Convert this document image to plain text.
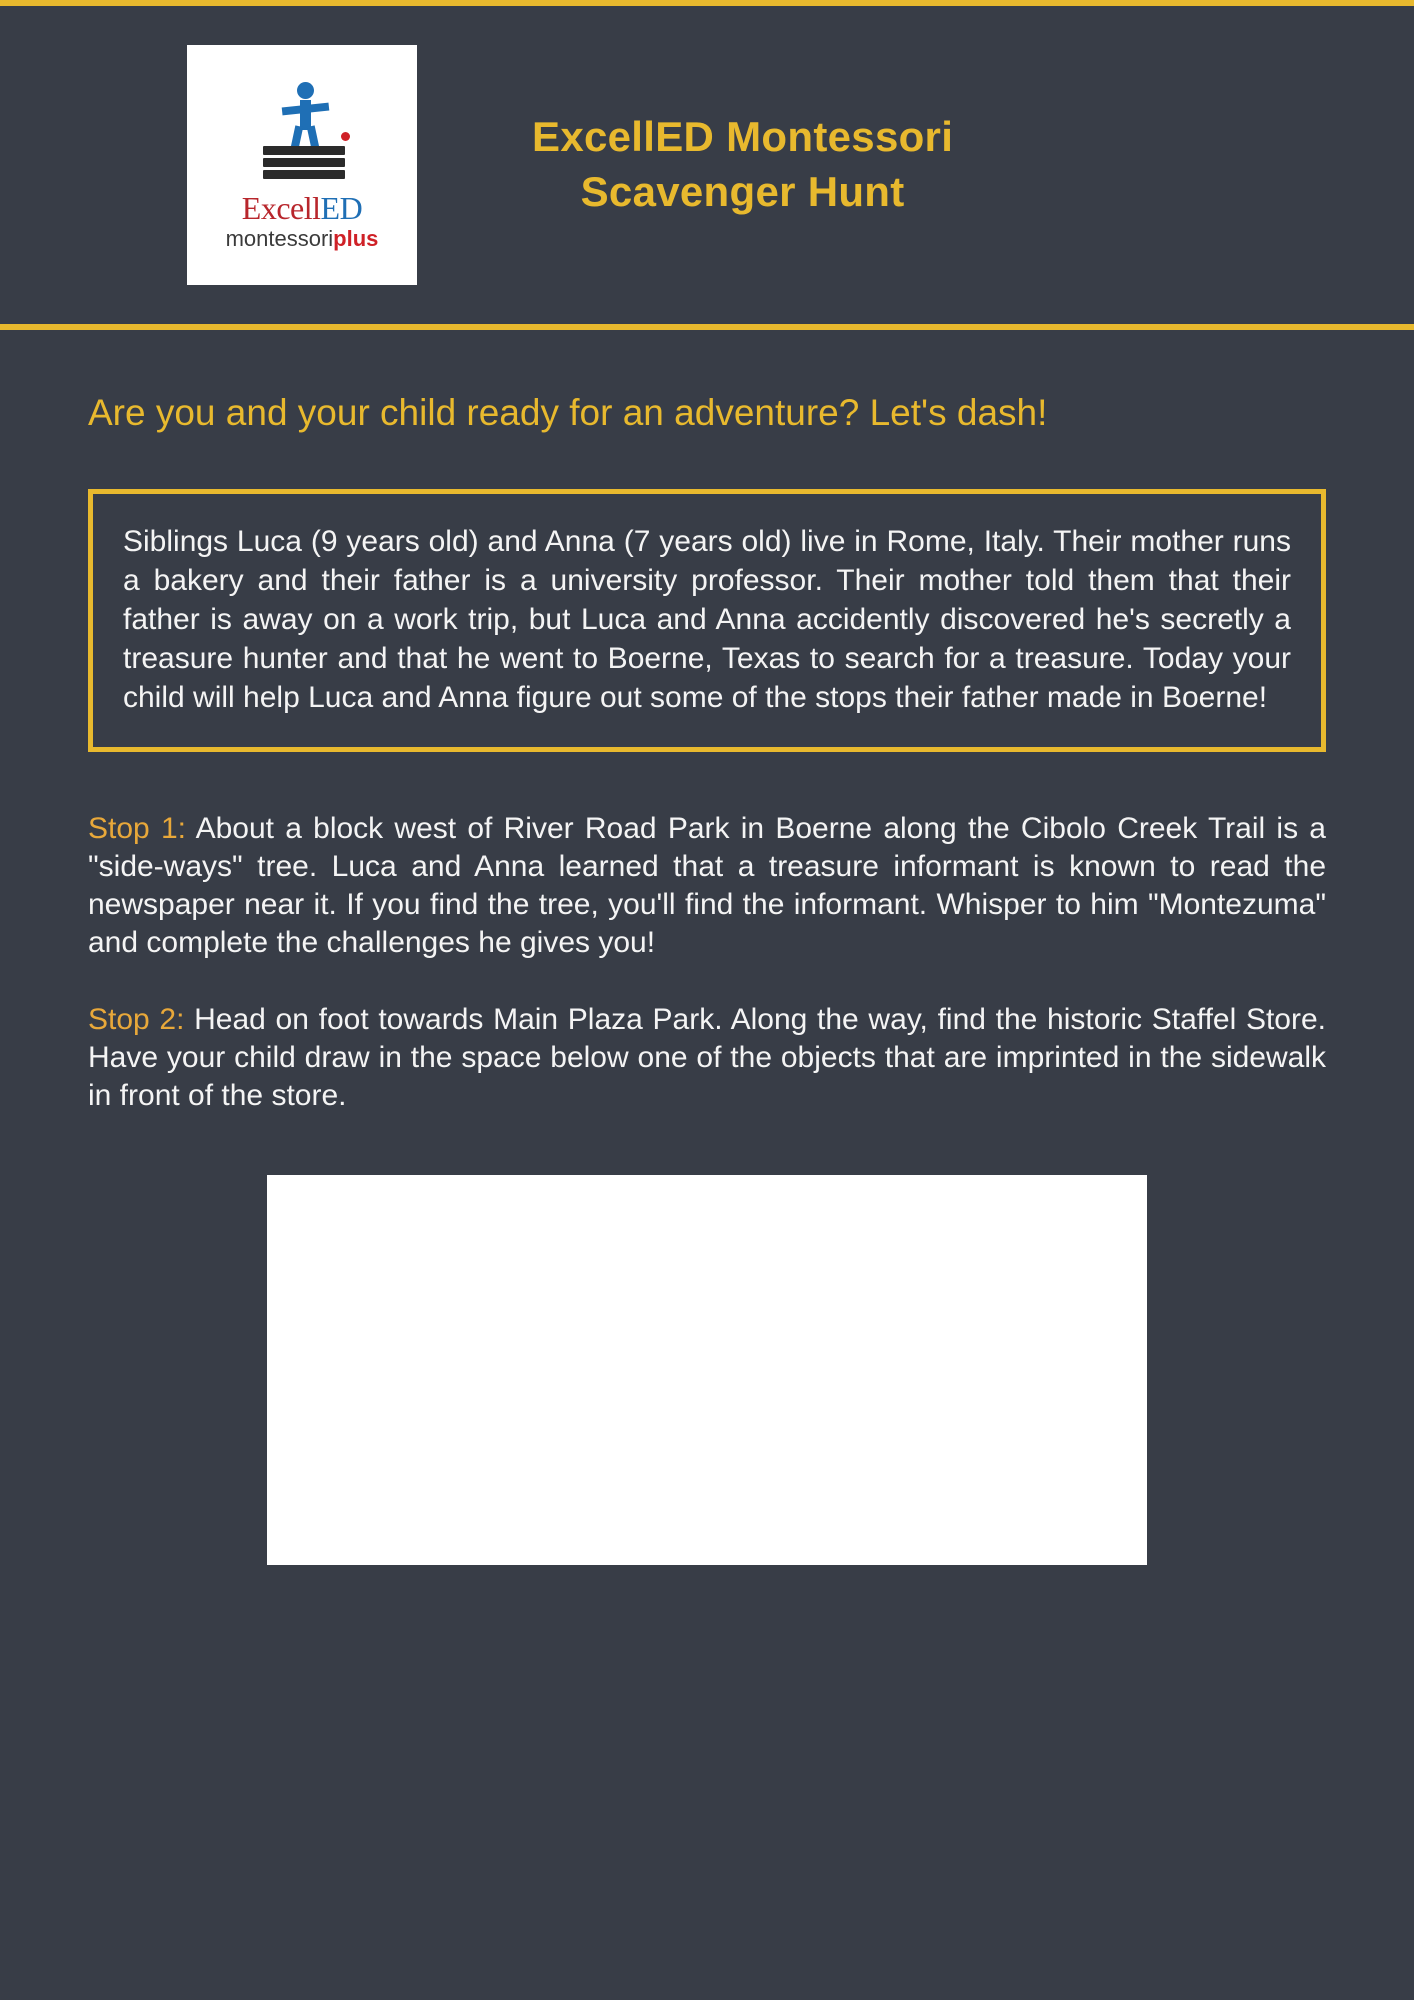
ExcellED
montessoriplus
ExcellED Montessori
Scavenger Hunt
Are you and your child ready for an adventure? Let's dash!
Siblings Luca (9 years old) and Anna (7 years old) live in Rome, Italy. Their mother runs a bakery and their father is a university professor. Their mother told them that their father is away on a work trip, but Luca and Anna accidently discovered he's secretly a treasure hunter and that he went to Boerne, Texas to search for a treasure. Today your child will help Luca and Anna figure out some of the stops their father made in Boerne!
Stop 1: About a block west of River Road Park in Boerne along the Cibolo Creek Trail is a "side-ways" tree. Luca and Anna learned that a treasure informant is known to read the newspaper near it. If you find the tree, you'll find the informant. Whisper to him "Montezuma" and complete the challenges he gives you!
Stop 2: Head on foot towards Main Plaza Park. Along the way, find the historic Staffel Store. Have your child draw in the space below one of the objects that are imprinted in the sidewalk in front of the store.
